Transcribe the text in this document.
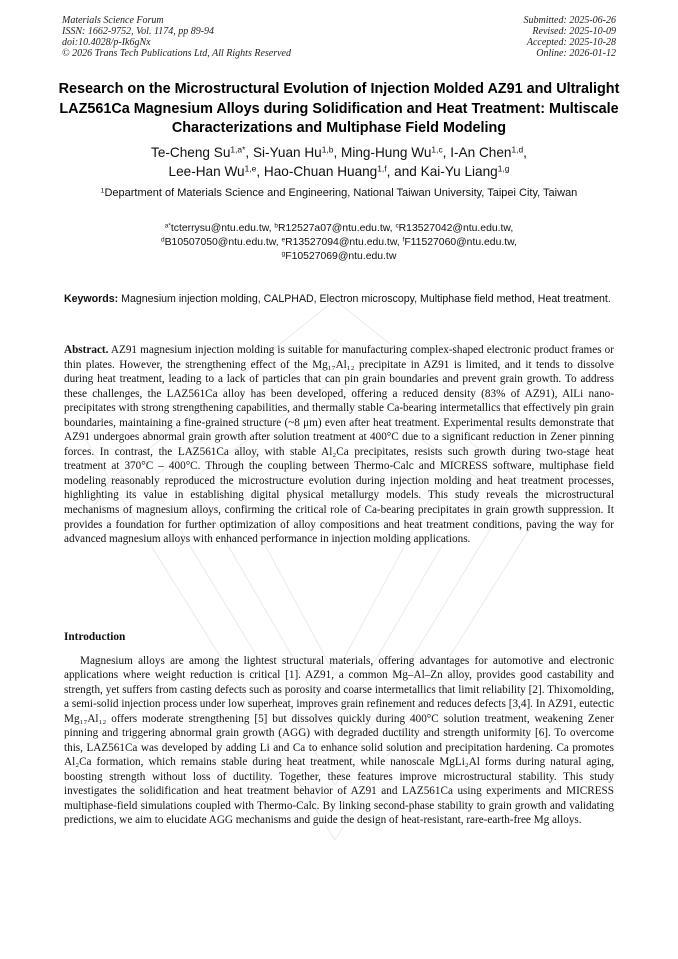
Materials Science Forum
ISSN: 1662-9752, Vol. 1174, pp 89-94
doi:10.4028/p-Ik6gNx
© 2026 Trans Tech Publications Ltd, All Rights Reserved
Submitted: 2025-06-26
Revised: 2025-10-09
Accepted: 2025-10-28
Online: 2026-01-12
Research on the Microstructural Evolution of Injection Molded AZ91 and Ultralight LAZ561Ca Magnesium Alloys during Solidification and Heat Treatment: Multiscale Characterizations and Multiphase Field Modeling
Te-Cheng $Su^{1,a*}$, Si-Yuan Hu$^{1,b}$, Ming-Hung Wu$^{1,c}$, I-An Chen$^{1,d}$,
Lee-Han Wu$^{1,e}$, Hao-Chuan Huang$^{1,f}$, and Kai-Yu Liang$^{1,g}$
$^1$Department of Materials Science and Engineering, National Taiwan University, Taipei City, Taiwan
$^{a*}$tcterrysu@ntu.edu.tw, $^b$R12527a07@ntu.edu.tw, $^c$R13527042@ntu.edu.tw,
$^d$B10507050@ntu.edu.tw, $^e$R13527094@ntu.edu.tw, $^f$F11527060@ntu.edu.tw,
$^g$F10527069@ntu.edu.tw
Keywords: Magnesium injection molding, CALPHAD, Electron microscopy, Multiphase field method, Heat treatment.
Abstract. AZ91 magnesium injection molding is suitable for manufacturing complex-shaped electronic product frames or thin plates. However, the strengthening effect of the Mg₁₇Al₁₂ precipitate in AZ91 is limited, and it tends to dissolve during heat treatment, leading to a lack of particles that can pin grain boundaries and prevent grain growth. To address these challenges, the LAZ561Ca alloy has been developed, offering a reduced density (83% of AZ91), AlLi nano-precipitates with strong strengthening capabilities, and thermally stable Ca-bearing intermetallics that effectively pin grain boundaries, maintaining a fine-grained structure (~8 μm) even after heat treatment. Experimental results demonstrate that AZ91 undergoes abnormal grain growth after solution treatment at 400°C due to a significant reduction in Zener pinning forces. In contrast, the LAZ561Ca alloy, with stable Al₂Ca precipitates, resists such growth during two-stage heat treatment at 370°C – 400°C. Through the coupling between Thermo-Calc and MICRESS software, multiphase field modeling reasonably reproduced the microstructure evolution during injection molding and heat treatment processes, highlighting its value in establishing digital physical metallurgy models. This study reveals the microstructural mechanisms of magnesium alloys, confirming the critical role of Ca-bearing precipitates in grain growth suppression. It provides a foundation for further optimization of alloy compositions and heat treatment conditions, paving the way for advanced magnesium alloys with enhanced performance in injection molding applications.
Introduction
Magnesium alloys are among the lightest structural materials, offering advantages for automotive and electronic applications where weight reduction is critical [1]. AZ91, a common Mg–Al–Zn alloy, provides good castability and strength, yet suffers from casting defects such as porosity and coarse intermetallics that limit reliability [2]. Thixomolding, a semi-solid injection process under low superheat, improves grain refinement and reduces defects [3,4]. In AZ91, eutectic Mg₁₇Al₁₂ offers moderate strengthening [5] but dissolves quickly during 400°C solution treatment, weakening Zener pinning and triggering abnormal grain growth (AGG) with degraded ductility and strength uniformity [6]. To overcome this, LAZ561Ca was developed by adding Li and Ca to enhance solid solution and precipitation hardening. Ca promotes Al₂Ca formation, which remains stable during heat treatment, while nanoscale MgLi₂Al forms during natural aging, boosting strength without loss of ductility. Together, these features improve microstructural stability. This study investigates the solidification and heat treatment behavior of AZ91 and LAZ561Ca using experiments and MICRESS multiphase-field simulations coupled with Thermo-Calc. By linking second-phase stability to grain growth and validating predictions, we aim to elucidate AGG mechanisms and guide the design of heat-resistant, rare-earth-free Mg alloys.
